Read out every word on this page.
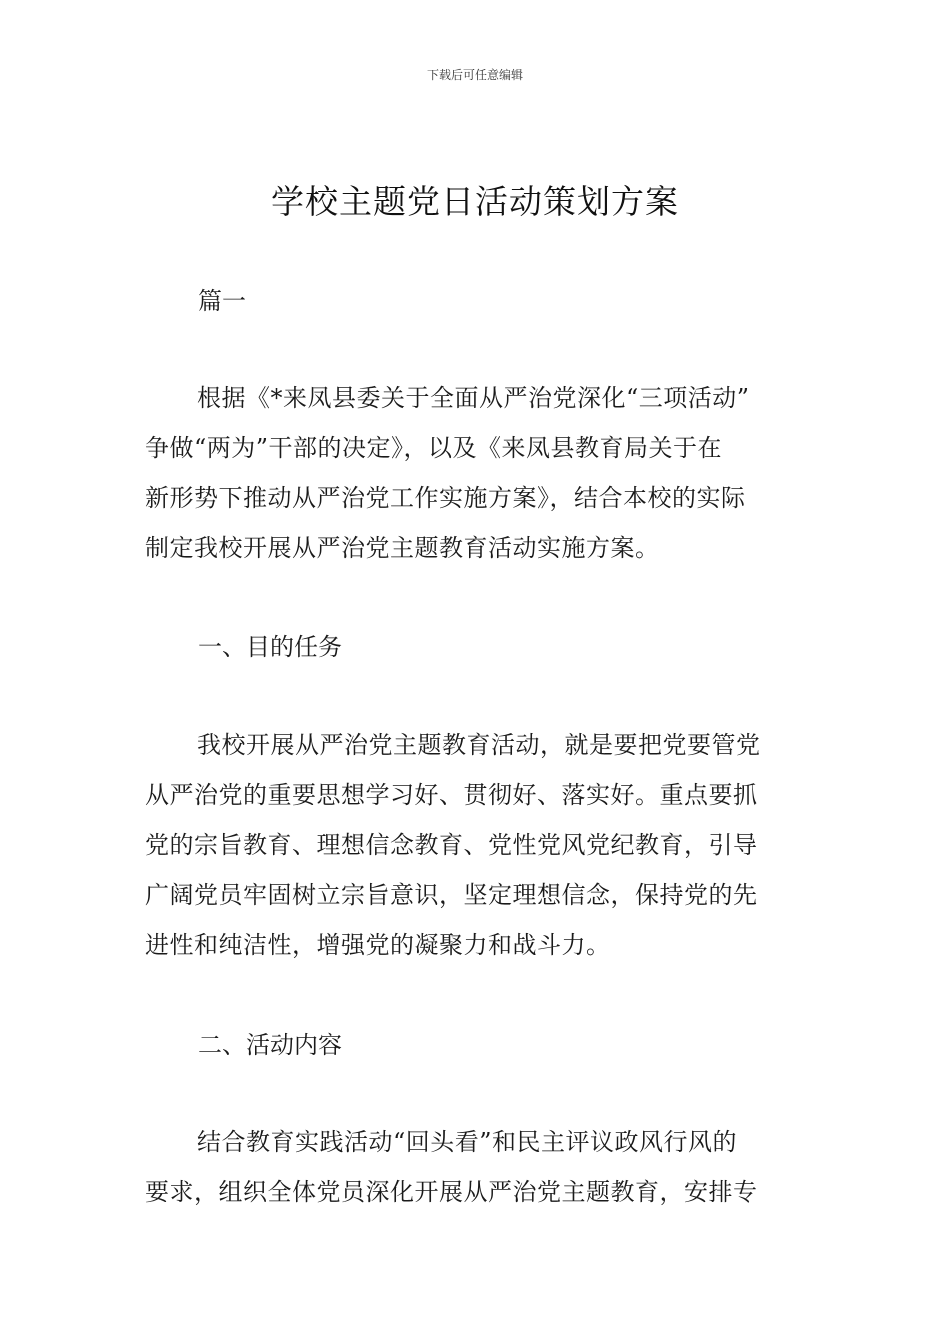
下载后可任意编辑
学校主题党日活动策划方案
篇一
根据《*来凤县委关于全面从严治党深化“三项活动”
争做“两为”干部的决定》，以及《来凤县教育局关于在
新形势下推动从严治党工作实施方案》，结合本校的实际
制定我校开展从严治党主题教育活动实施方案。
一、目的任务
我校开展从严治党主题教育活动，就是要把党要管党
从严治党的重要思想学习好、贯彻好、落实好。重点要抓
党的宗旨教育、理想信念教育、党性党风党纪教育，引导
广阔党员牢固树立宗旨意识，坚定理想信念，保持党的先
进性和纯洁性，增强党的凝聚力和战斗力。
二、活动内容
结合教育实践活动“回头看”和民主评议政风行风的
要求，组织全体党员深化开展从严治党主题教育，安排专
